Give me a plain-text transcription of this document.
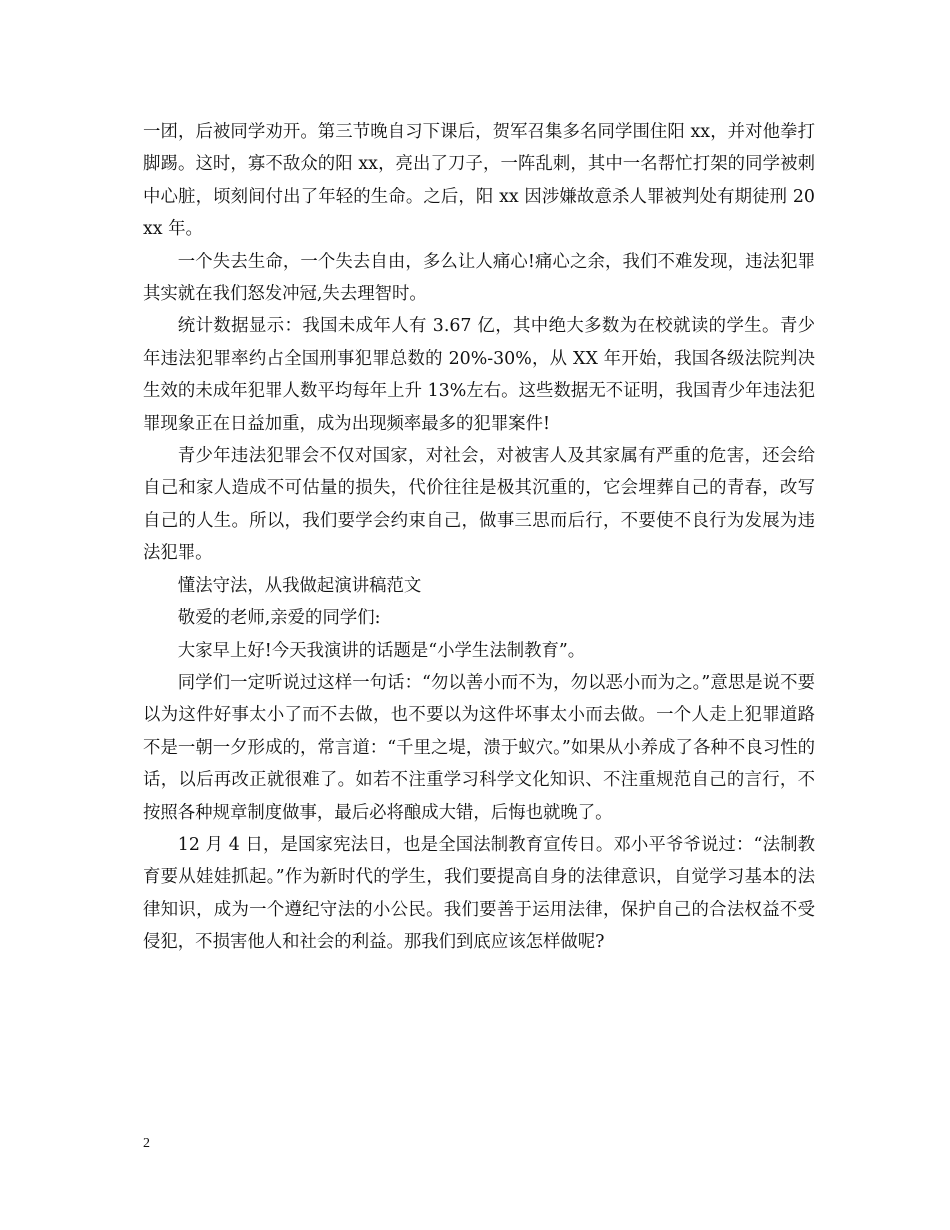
一团，后被同学劝开。第三节晚自习下课后，贺军召集多名同学围住阳 xx，并对他拳打脚踢。这时，寡不敌众的阳 xx，亮出了刀子，一阵乱刺，其中一名帮忙打架的同学被刺中心脏，顷刻间付出了年轻的生命。之后，阳 xx 因涉嫌故意杀人罪被判处有期徒刑 20xx 年。

一个失去生命，一个失去自由，多么让人痛心!痛心之余，我们不难发现，违法犯罪其实就在我们怒发冲冠,失去理智时。

统计数据显示：我国未成年人有 3.67 亿，其中绝大多数为在校就读的学生。青少年违法犯罪率约占全国刑事犯罪总数的 20%-30%，从 XX 年开始，我国各级法院判决生效的未成年犯罪人数平均每年上升 13%左右。这些数据无不证明，我国青少年违法犯罪现象正在日益加重，成为出现频率最多的犯罪案件!

青少年违法犯罪会不仅对国家，对社会，对被害人及其家属有严重的危害，还会给自己和家人造成不可估量的损失，代价往往是极其沉重的，它会埋葬自己的青春，改写自己的人生。所以，我们要学会约束自己，做事三思而后行，不要使不良行为发展为违法犯罪。

懂法守法，从我做起演讲稿范文

敬爱的老师,亲爱的同学们:

大家早上好!今天我演讲的话题是“小学生法制教育”。

同学们一定听说过这样一句话：“勿以善小而不为，勿以恶小而为之。”意思是说不要以为这件好事太小了而不去做，也不要以为这件坏事太小而去做。一个人走上犯罪道路不是一朝一夕形成的，常言道：“千里之堤，溃于蚁穴。”如果从小养成了各种不良习性的话，以后再改正就很难了。如若不注重学习科学文化知识、不注重规范自己的言行，不按照各种规章制度做事，最后必将酿成大错，后悔也就晚了。

12 月 4 日，是国家宪法日，也是全国法制教育宣传日。邓小平爷爷说过：“法制教育要从娃娃抓起。”作为新时代的学生，我们要提高自身的法律意识，自觉学习基本的法律知识，成为一个遵纪守法的小公民。我们要善于运用法律，保护自己的合法权益不受侵犯，不损害他人和社会的利益。那我们到底应该怎样做呢?

2
